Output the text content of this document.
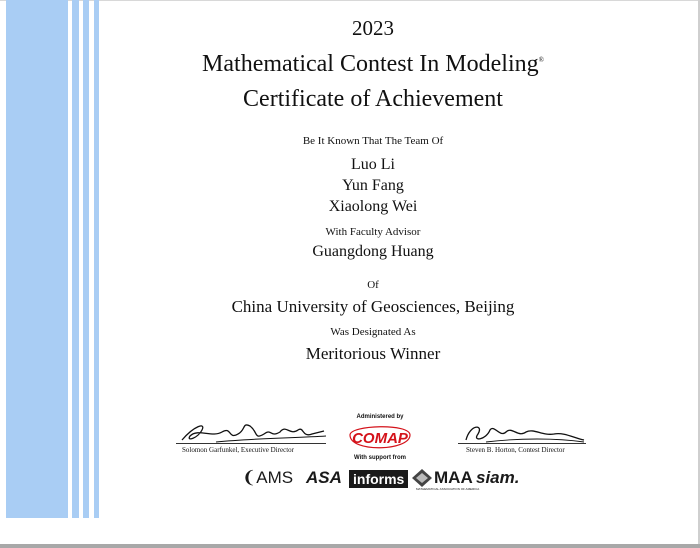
2023
Mathematical Contest In Modeling®
Certificate of Achievement
Be It Known That The Team Of
Luo Li
Yun Fang
Xiaolong Wei
With Faculty Advisor
Guangdong Huang
Of
China University of Geosciences, Beijing
Was Designated As
Meritorious Winner
Solomon Garfunkel, Executive Director
Administered by
COMAP
With support from
Steven B. Horton, Contest Director
❨AMS ASA informs MAA
MATHEMATICAL ASSOCIATION OF AMERICA
siam.
